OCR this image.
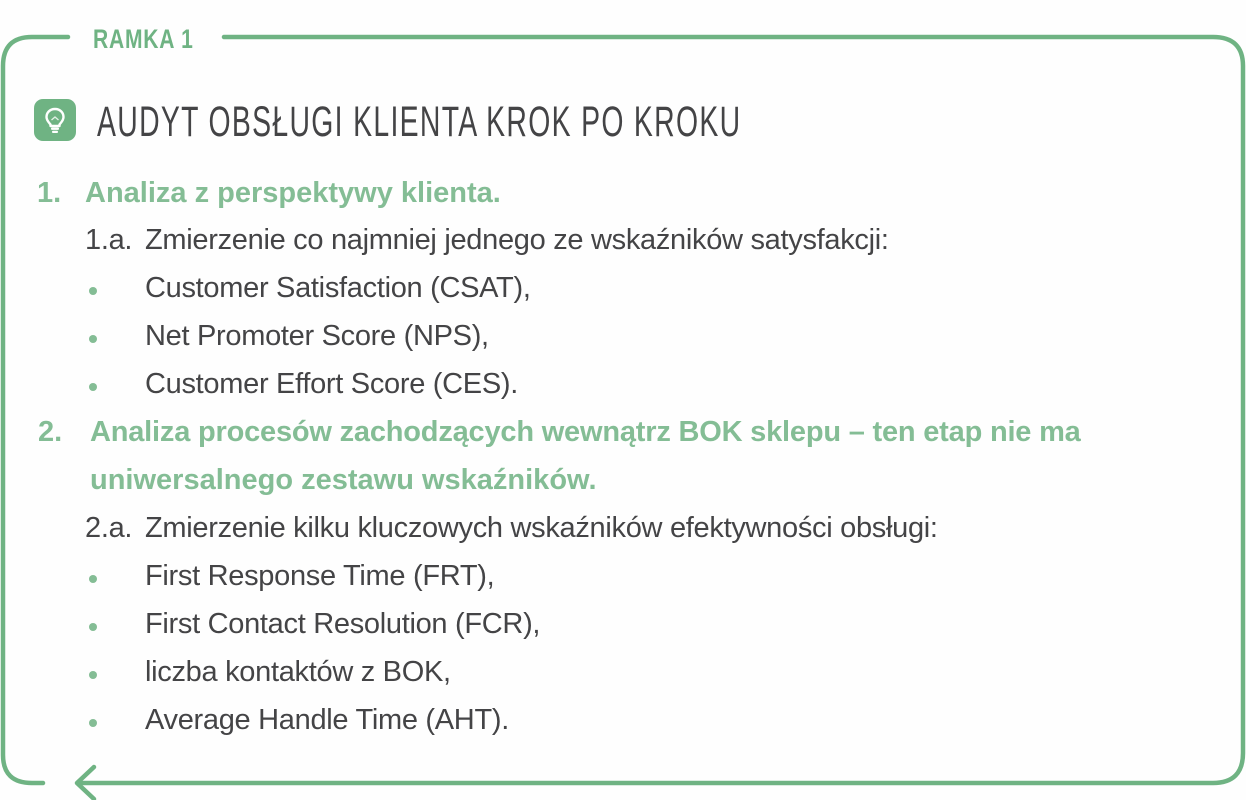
RAMKA 1
AUDYT OBSŁUGI KLIENTA KROK PO KROKU
1. Analiza z perspektywy klienta.
1.a. Zmierzenie co najmniej jednego ze wskaźników satysfakcji:
Customer Satisfaction (CSAT),
Net Promoter Score (NPS),
Customer Effort Score (CES).
2. Analiza procesów zachodzących wewnątrz BOK sklepu – ten etap nie ma
uniwersalnego zestawu wskaźników.
2.a. Zmierzenie kilku kluczowych wskaźników efektywności obsługi:
First Response Time (FRT),
First Contact Resolution (FCR),
liczba kontaktów z BOK,
Average Handle Time (AHT).
